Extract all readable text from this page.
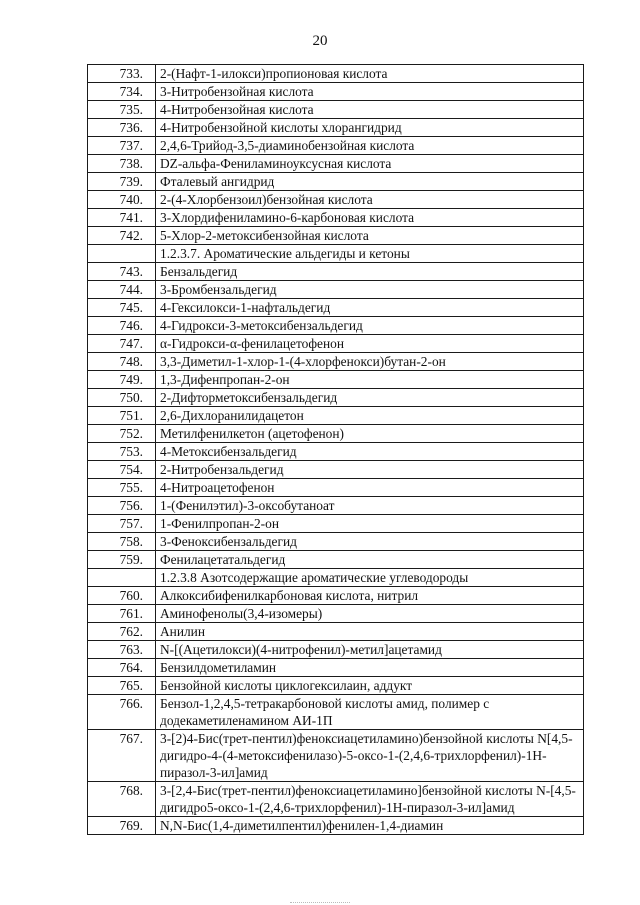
20
733.	2-(Нафт-1-илокси)пропионовая кислота
734.	3-Нитробензойная кислота
735.	4-Нитробензойная кислота
736.	4-Нитробензойной кислоты хлорангидрид
737.	2,4,6-Трийод-3,5-диаминобензойная кислота
738.	DZ-альфа-Фениламиноуксусная кислота
739.	Фталевый ангидрид
740.	2-(4-Хлорбензоил)бензойная кислота
741.	3-Хлордифениламино-6-карбоновая кислота
742.	5-Хлор-2-метоксибензойная кислота
	1.2.3.7. Ароматические альдегиды и кетоны
743.	Бензальдегид
744.	3-Бромбензальдегид
745.	4-Гексилокси-1-нафтальдегид
746.	4-Гидрокси-3-метоксибензальдегид
747.	α-Гидрокси-α-фенилацетофенон
748.	3,3-Диметил-1-хлор-1-(4-хлорфенокси)бутан-2-он
749.	1,3-Дифенпропан-2-он
750.	2-Дифторметоксибензальдегид
751.	2,6-Дихлоранилидацетон
752.	Метилфенилкетон (ацетофенон)
753.	4-Метоксибензальдегид
754.	2-Нитробензальдегид
755.	4-Нитроацетофенон
756.	1-(Фенилэтил)-3-оксобутаноат
757.	1-Фенилпропан-2-он
758.	3-Феноксибензальдегид
759.	Фенилацетатальдегид
	1.2.3.8 Азотсодержащие ароматические углеводороды
760.	Алкоксибифенилкарбоновая кислота, нитрил
761.	Аминофенолы(3,4-изомеры)
762.	Анилин
763.	N-[(Ацетилокси)(4-нитрофенил)-метил]ацетамид
764.	Бензилдометиламин
765.	Бензойной кислоты циклогексилаин, аддукт
766.	Бензол-1,2,4,5-тетракарбоновой кислоты амид, полимер с додекаметиленамином АИ-1П
767.	3-[2)4-Бис(трет-пентил)феноксиацетиламино)бензойной кислоты N[4,5-дигидро-4-(4-метоксифенилазо)-5-оксо-1-(2,4,6-трихлорфенил)-1Н-пиразол-3-ил]амид
768.	3-[2,4-Бис(трет-пентил)феноксиацетиламино]бензойной кислоты N-[4,5-дигидро5-оксо-1-(2,4,6-трихлорфенил)-1Н-пиразол-3-ил]амид
769.	N,N-Бис(1,4-диметилпентил)фенилен-1,4-диамин
